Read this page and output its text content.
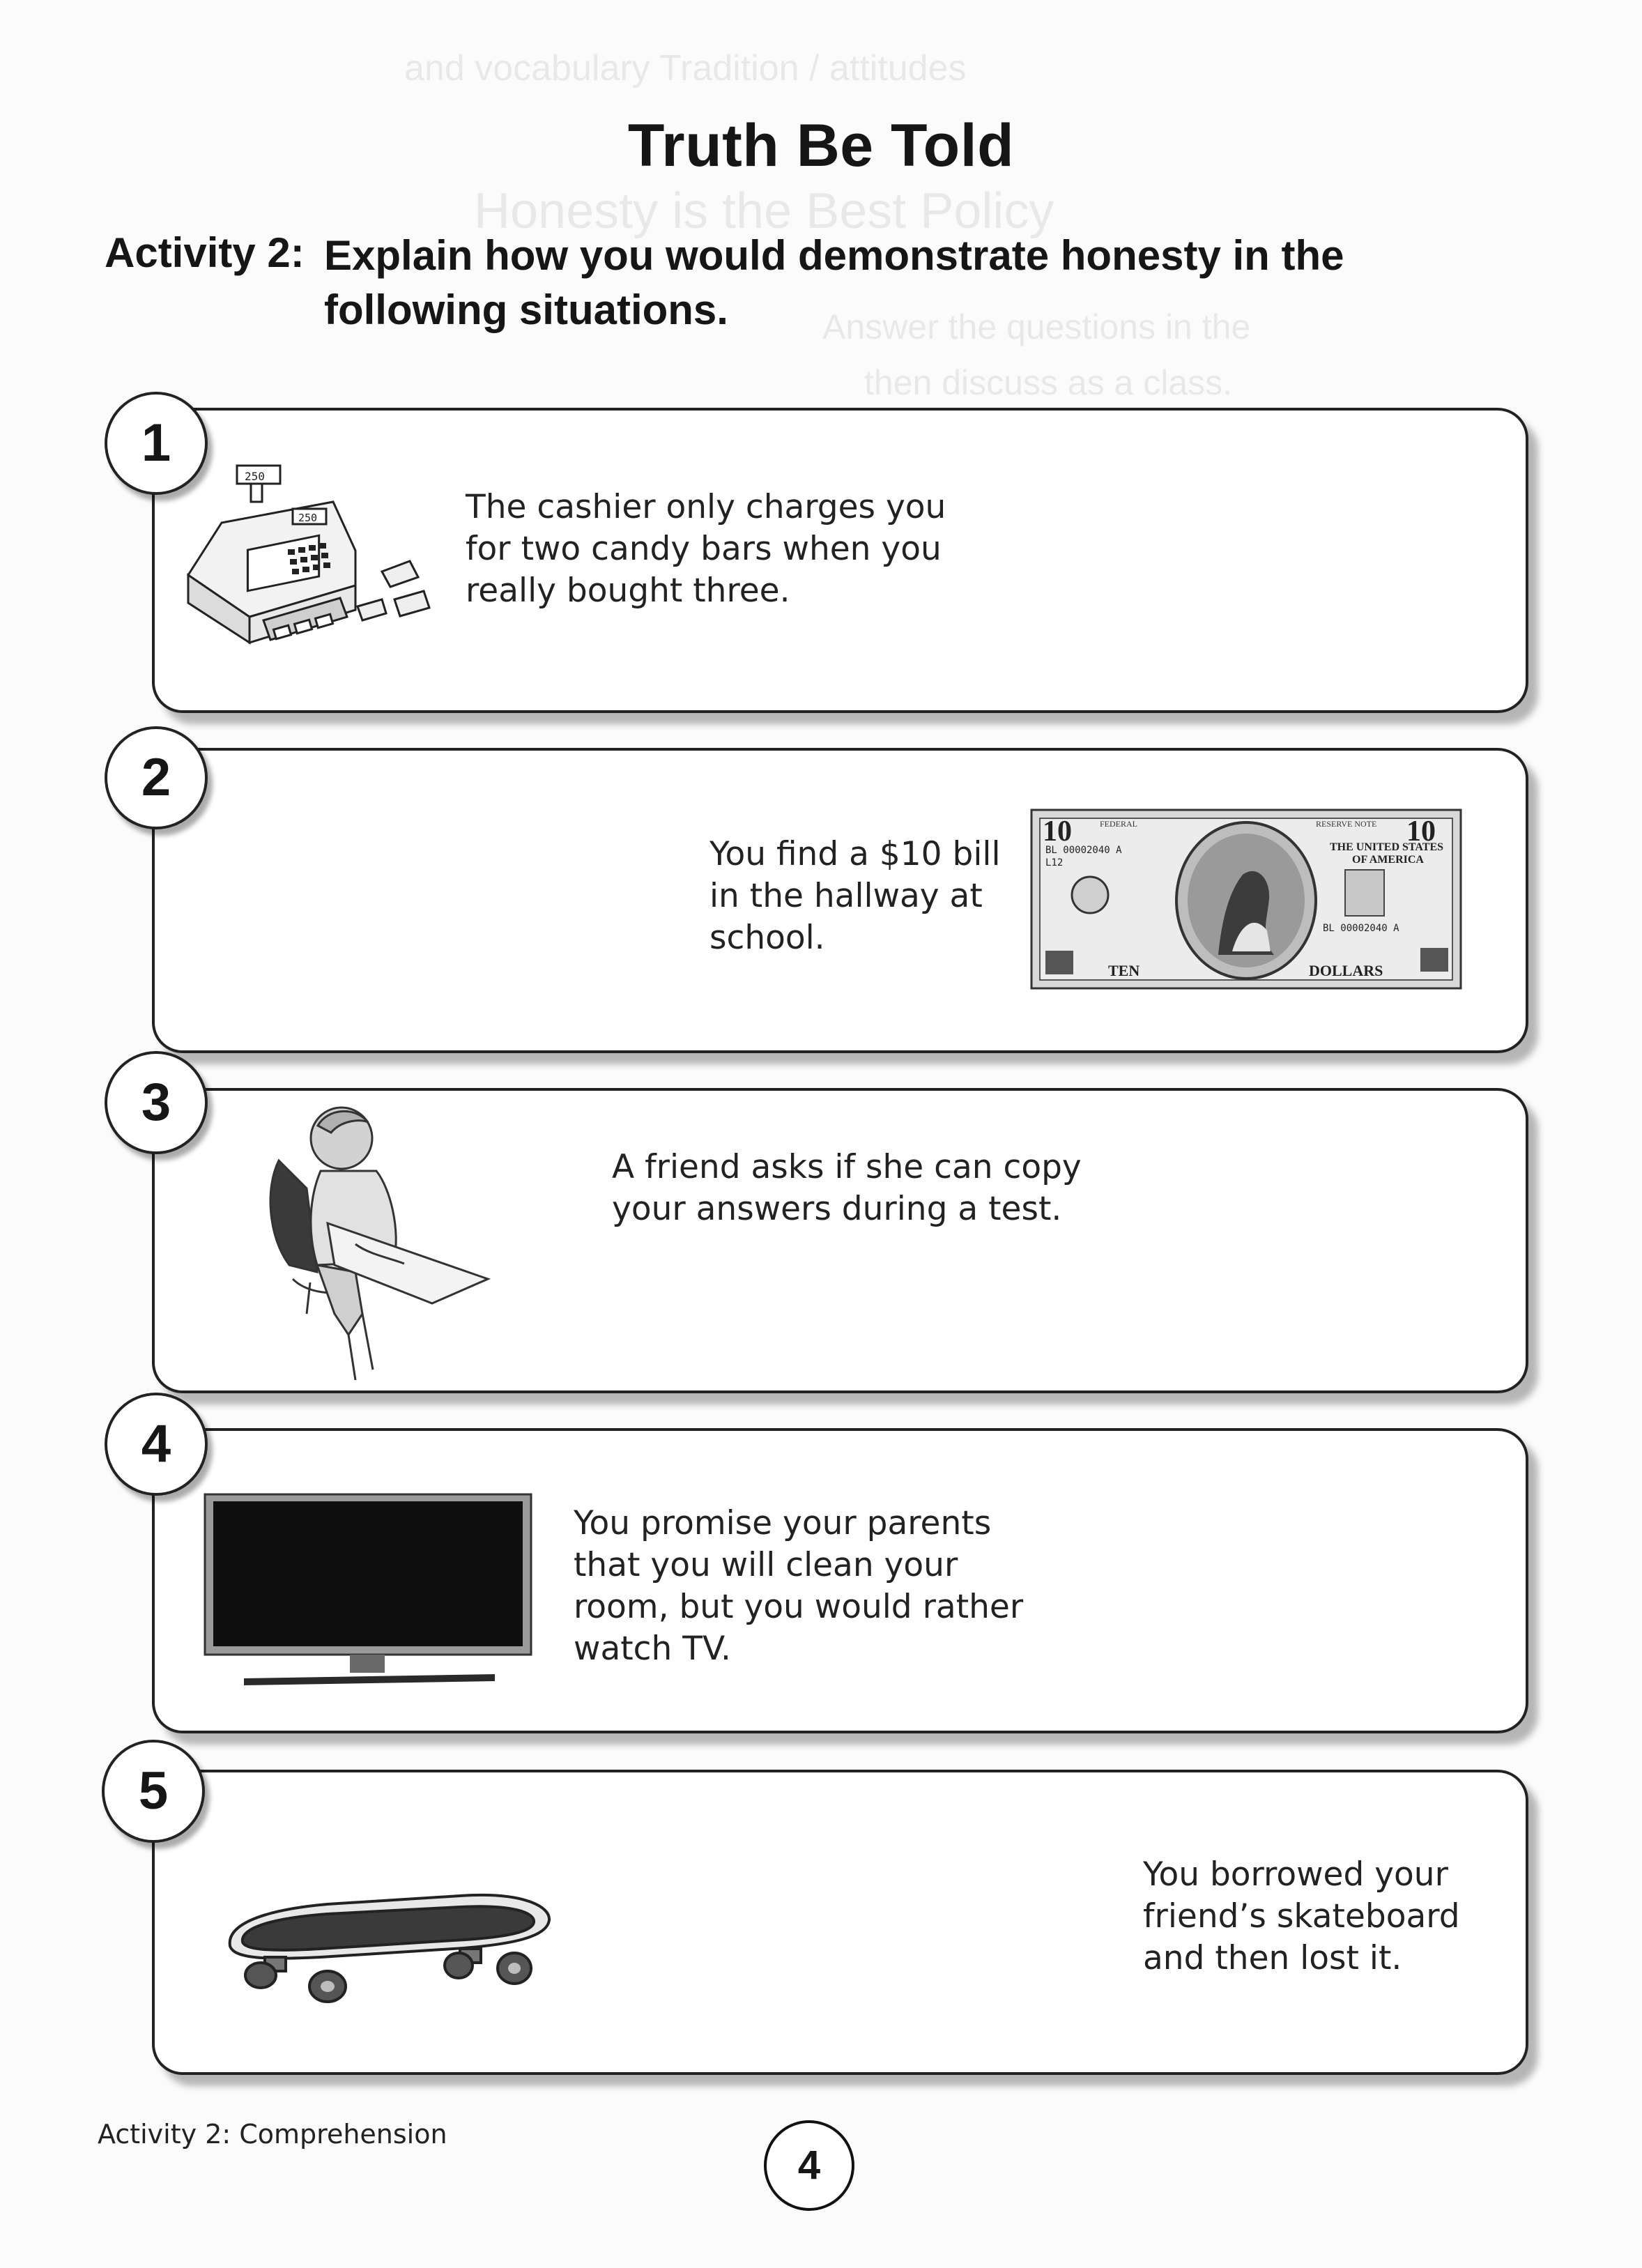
and vocabulary Tradition / attitudes
Honesty is the Best Policy
Answer the questions in the
then discuss as a class.
Truth Be Told
Activity 2: Explain how you would demonstrate honesty in the following situations.
1
250
250	The cashier only charges you for two candy bars when you really bought three.
2
You find a $10 bill in the hallway at school.
10	10
FEDERAL	RESERVE NOTE
BL 00002040 A
L12
THE UNITED STATES
OF AMERICA
BL 00002040 A
TEN	DOLLARS
3
A friend asks if she can copy your answers during a test.
4
You promise your parents that you will clean your room, but you would rather watch TV.
5
You borrowed your friend’s skateboard and then lost it.
Activity 2: Comprehension
4
